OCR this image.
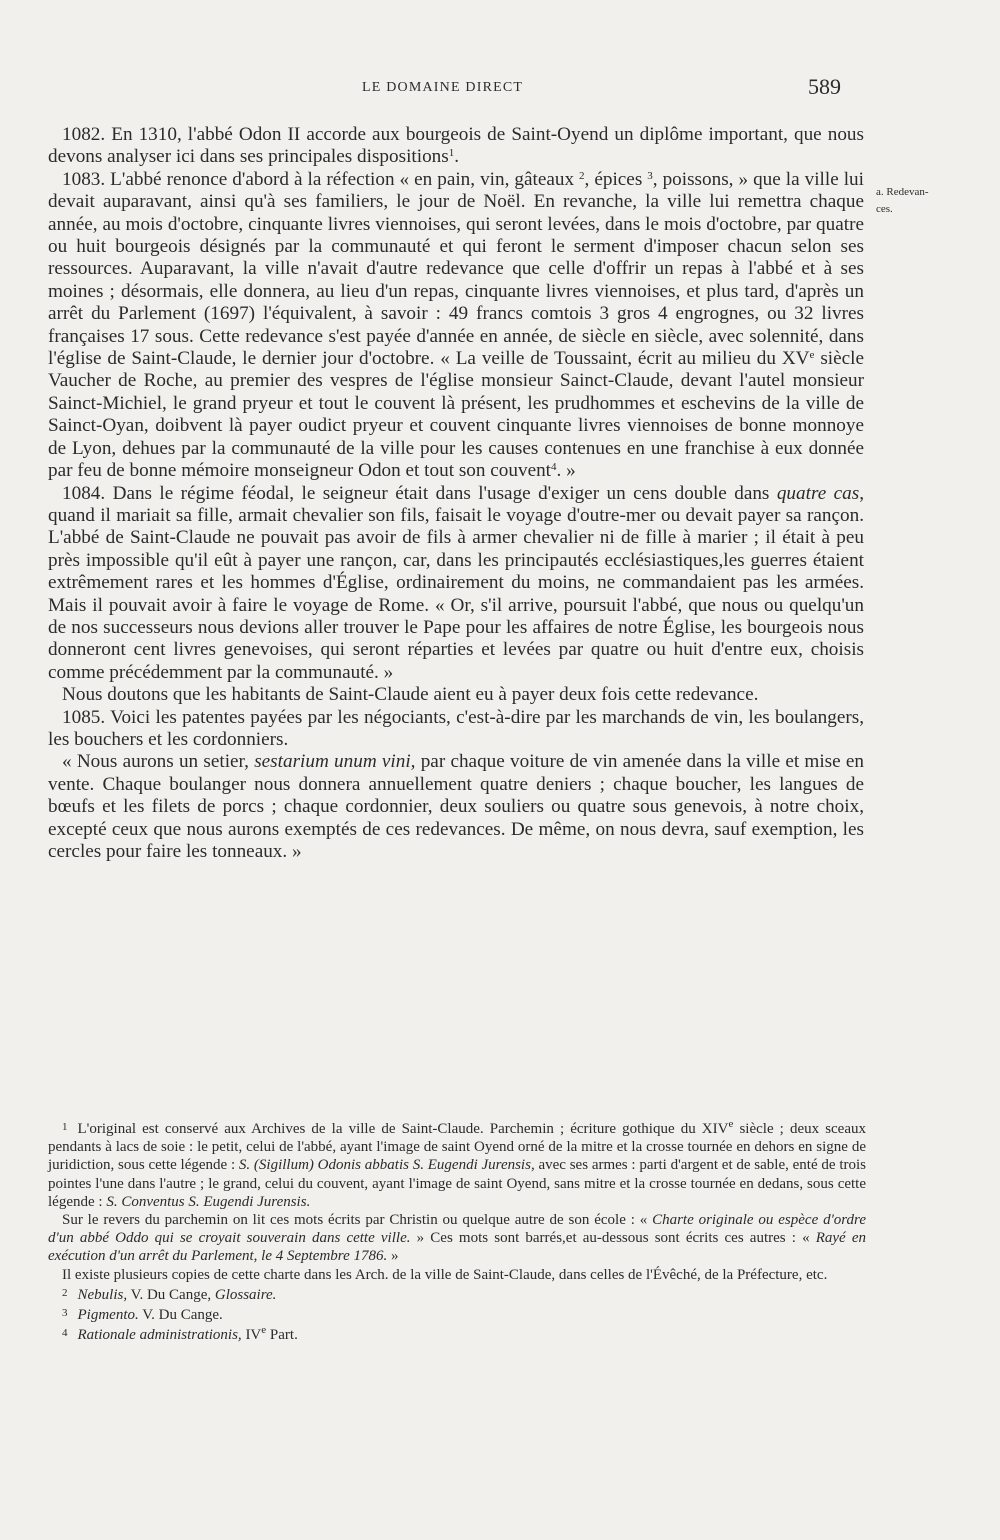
LE DOMAINE DIRECT	589
a. Redevan-
ces.

1082. En 1310, l'abbé Odon II accorde aux bourgeois de Saint-Oyend un diplôme important, que nous devons analyser ici dans ses principales dispositions$^1$.

1083. L'abbé renonce d'abord à la réfection « en pain, vin, gâteaux $^2$, épices $^3$, poissons, » que la ville lui devait auparavant, ainsi qu'à ses familiers, le jour de Noël. En revanche, la ville lui remettra chaque année, au mois d'octobre, cinquante livres viennoises, qui seront levées, dans le mois d'octobre, par quatre ou huit bourgeois désignés par la communauté et qui feront le serment d'imposer chacun selon ses ressources. Auparavant, la ville n'avait d'autre redevance que celle d'offrir un repas à l'abbé et à ses moines ; désormais, elle donnera, au lieu d'un repas, cinquante livres viennoises, et plus tard, d'après un arrêt du Parlement (1697) l'équivalent, à savoir : 49 francs comtois 3 gros 4 engrognes, ou 32 livres françaises 17 sous. Cette redevance s'est payée d'année en année, de siècle en siècle, avec solennité, dans l'église de Saint-Claude, le dernier jour d'octobre. « La veille de Toussaint, écrit au milieu du XVe siècle Vaucher de Roche, au premier des vespres de l'église monsieur Sainct-Claude, devant l'autel monsieur Sainct-Michiel, le grand pryeur et tout le couvent là présent, les prudhommes et eschevins de la ville de Sainct-Oyan, doibvent là payer oudict pryeur et couvent cinquante livres viennoises de bonne monnoye de Lyon, dehues par la communauté de la ville pour les causes contenues en une franchise à eux donnée par feu de bonne mémoire monseigneur Odon et tout son couvent$^4$. »

1084. Dans le régime féodal, le seigneur était dans l'usage d'exiger un cens double dans quatre cas, quand il mariait sa fille, armait chevalier son fils, faisait le voyage d'outre-mer ou devait payer sa rançon. L'abbé de Saint-Claude ne pouvait pas avoir de fils à armer chevalier ni de fille à marier ; il était à peu près impossible qu'il eût à payer une rançon, car, dans les principautés ecclésiastiques,les guerres étaient extrêmement rares et les hommes d'Église, ordinairement du moins, ne commandaient pas les armées. Mais il pouvait avoir à faire le voyage de Rome. « Or, s'il arrive, poursuit l'abbé, que nous ou quelqu'un de nos successeurs nous devions aller trouver le Pape pour les affaires de notre Église, les bourgeois nous donneront cent livres genevoises, qui seront réparties et levées par quatre ou huit d'entre eux, choisis comme précédemment par la communauté. »

Nous doutons que les habitants de Saint-Claude aient eu à payer deux fois cette redevance.

1085. Voici les patentes payées par les négociants, c'est-à-dire par les marchands de vin, les boulangers, les bouchers et les cordonniers.

« Nous aurons un setier, sestarium unum vini, par chaque voiture de vin amenée dans la ville et mise en vente. Chaque boulanger nous donnera annuellement quatre deniers ; chaque boucher, les langues de bœufs et les filets de porcs ; chaque cordonnier, deux souliers ou quatre sous genevois, à notre choix, excepté ceux que nous aurons exemptés de ces redevances. De même, on nous devra, sauf exemption, les cercles pour faire les tonneaux. »

$^1$ L'original est conservé aux Archives de la ville de Saint-Claude. Parchemin ; écriture gothique du XIVe siècle ; deux sceaux pendants à lacs de soie : le petit, celui de l'abbé, ayant l'image de saint Oyend orné de la mitre et la crosse tournée en dehors en signe de juridiction, sous cette légende : S. (Sigillum) Odonis abbatis S. Eugendi Jurensis, avec ses armes : parti d'argent et de sable, enté de trois pointes l'une dans l'autre ; le grand, celui du couvent, ayant l'image de saint Oyend, sans mitre et la crosse tournée en dedans, sous cette légende : S. Conventus S. Eugendi Jurensis.

Sur le revers du parchemin on lit ces mots écrits par Christin ou quelque autre de son école : « Charte originale ou espèce d'ordre d'un abbé Oddo qui se croyait souverain dans cette ville. » Ces mots sont barrés,et au-dessous sont écrits ces autres : « Rayé en exécution d'un arrêt du Parlement, le 4 Septembre 1786. »

Il existe plusieurs copies de cette charte dans les Arch. de la ville de Saint-Claude, dans celles de l'Évêché, de la Préfecture, etc.

$^2$ Nebulis, V. Du Cange, Glossaire.

$^3$ Pigmento. V. Du Cange.

$^4$ Rationale administrationis, IVe Part.
